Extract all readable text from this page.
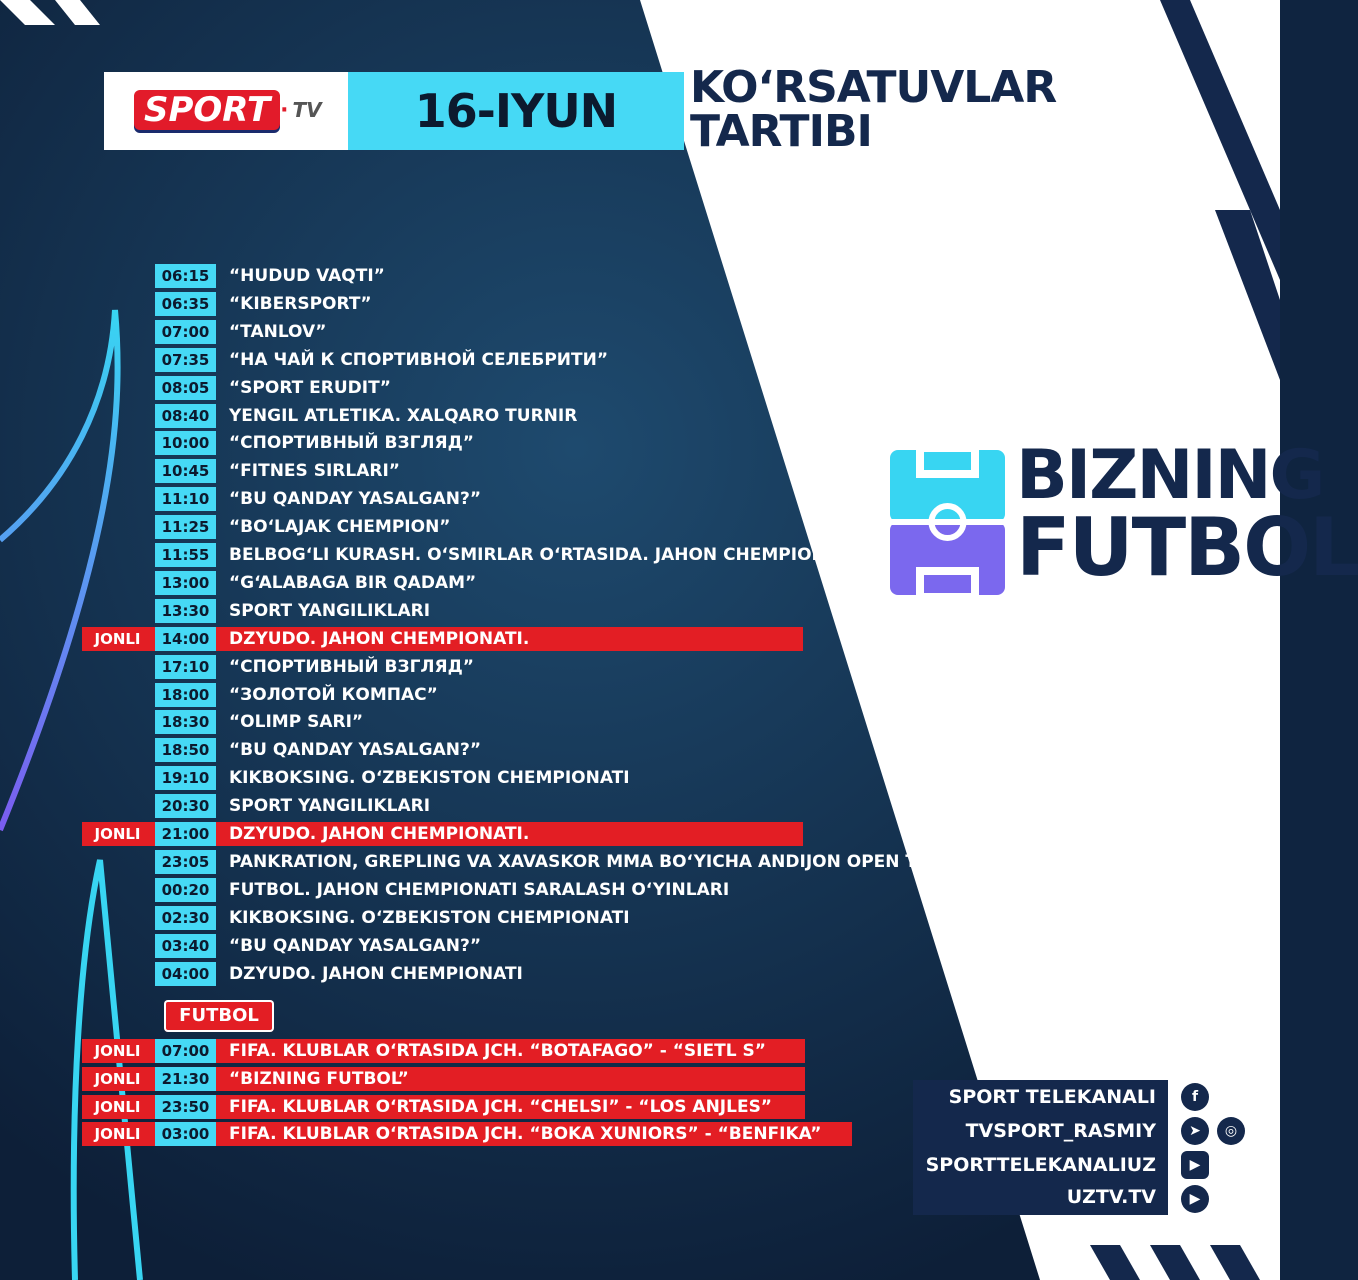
SPORT · TV	16-IYUN	KO‘RSATUVLAR
TARTIBI
06:15	“HUDUD VAQTI”
06:35	“KIBERSPORT”
07:00	“TANLOV”
07:35	“НА ЧАЙ К СПОРТИВНОЙ СЕЛЕБРИТИ”
08:05	“SPORT ERUDIT”
08:40	YENGIL ATLETIKA. XALQARO TURNIR
10:00	“СПОРТИВНЫЙ ВЗГЛЯД”
10:45	“FITNES SIRLARI”
11:10	“BU QANDAY YASALGAN?”
11:25	“BO‘LAJAK CHEMPION”
11:55	BELBOG‘LI KURASH. O‘SMIRLAR O‘RTASIDA. JAHON CHEMPIONATI
13:00	“G‘ALABAGA BIR QADAM”
13:30	SPORT YANGILIKLARI
JONLI	14:00	DZYUDO. JAHON CHEMPIONATI.
17:10	“СПОРТИВНЫЙ ВЗГЛЯД”
18:00	“ЗОЛОТОЙ КОМПАС”
18:30	“OLIMP SARI”
18:50	“BU QANDAY YASALGAN?”
19:10	KIKBOKSING. O‘ZBEKISTON CHEMPIONATI
20:30	SPORT YANGILIKLARI
JONLI	21:00	DZYUDO. JAHON CHEMPIONATI.
23:05	PANKRATION, GREPLING VA XAVASKOR MMA BO‘YICHA ANDIJON OPEN TURNIRI
00:20	FUTBOL. JAHON CHEMPIONATI SARALASH O‘YINLARI
02:30	KIKBOKSING. O‘ZBEKISTON CHEMPIONATI
03:40	“BU QANDAY YASALGAN?”
04:00	DZYUDO. JAHON CHEMPIONATI
FUTBOL
JONLI	07:00	FIFA. KLUBLAR O‘RTASIDA JCH. “BOTAFAGO” - “SIETL S”
JONLI	21:30	“BIZNING FUTBOL”
JONLI	23:50	FIFA. KLUBLAR O‘RTASIDA JCH. “CHELSI” - “LOS ANJLES”
JONLI	03:00	FIFA. KLUBLAR O‘RTASIDA JCH. “BOKA XUNIORS” - “BENFIKA”
BIZNING
FUTBOL
SPORT TELEKANALI
TVSPORT_RASMIY
SPORTTELEKANALIUZ
UZTV.TV
f
➤	◎
▶
▶
